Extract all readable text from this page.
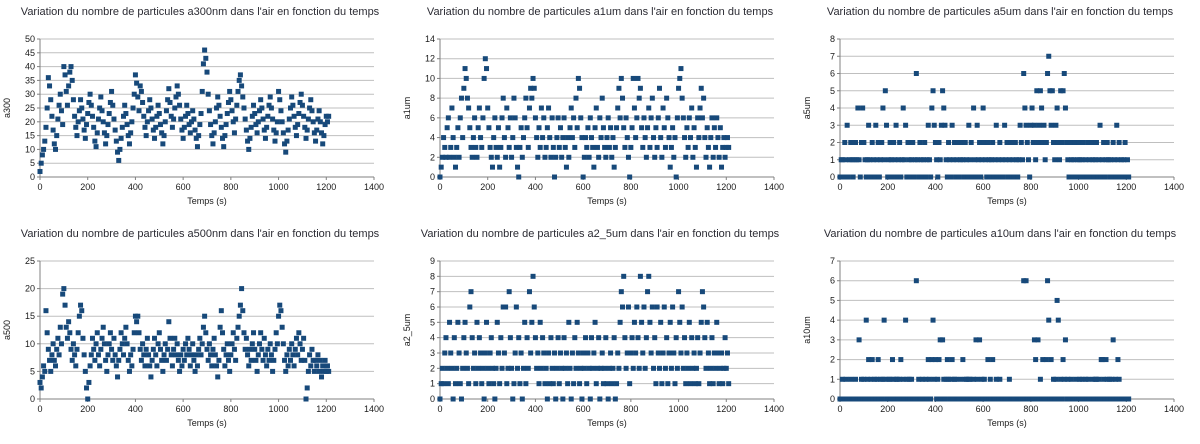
Variation du nombre de particules a300nm dans l'air en fonction du temps
0
5
10
15
20
25
30
35
40
45
50
0	200	400	600	800	1000	1200	1400
a300
Temps (s)
Variation du nombre de particules a1um dans l'air en fonction du temps
0
2
4
6
8
10
12
14
0	200	400	600	800	1000	1200	1400
a1um
Temps (s)
Variation du nombre de particules a5um dans l'air en fonction du temps
0
1
2
3
4
5
6
7
8
0	200	400	600	800	1000	1200	1400
a5um
Temps (s)
Variation du nombre de particules a500nm dans l'air en fonction du temps
0
5
10
15
20
25
0	200	400	600	800	1000	1200	1400
a500
Temps (s)
Variation du nombre de particules a2_5um dans l'air en fonction du temps
0
1
2
3
4
5
6
7
8
9
0	200	400	600	800	1000	1200	1400
a2_5um
Temps (s)
Variation du nombre de particules a10um dans l'air en fonction du temps
0
1
2
3
4
5
6
7
0	200	400	600	800	1000	1200	1400
a10um
Temps (s)
